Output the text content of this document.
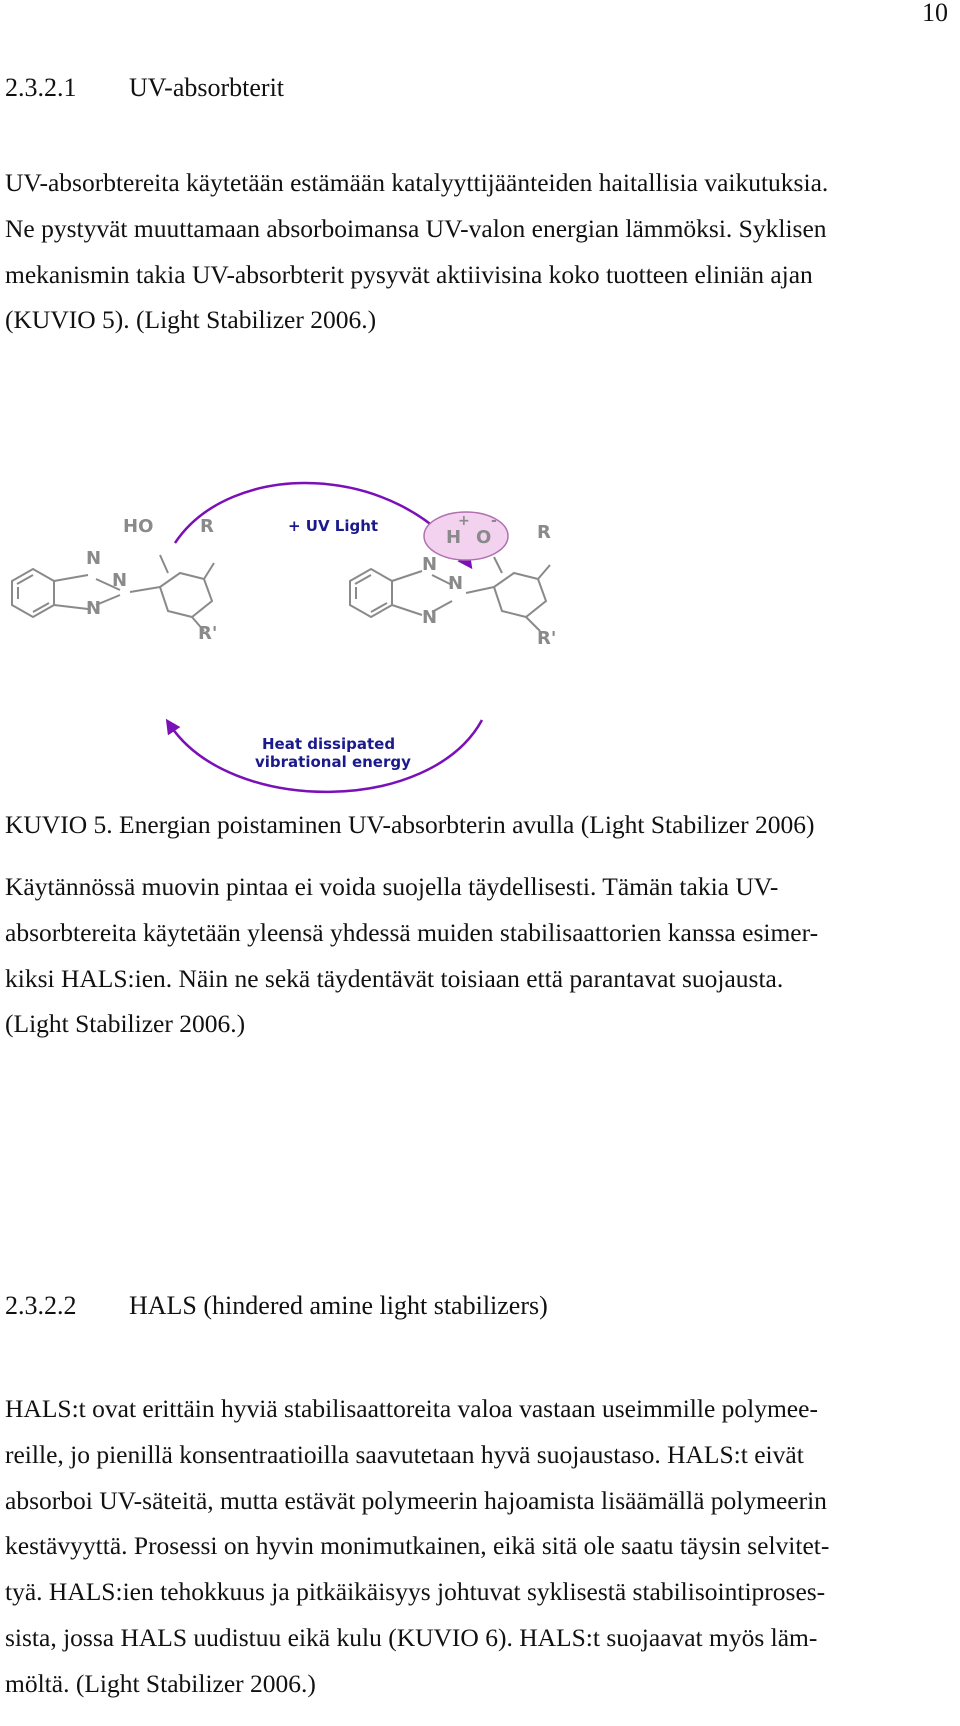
10
2.3.2.1 UV-absorbterit
UV-absorbtereita käytetään estämään katalyyttijäänteiden haitallisia vaikutuksia.
Ne pystyvät muuttamaan absorboimansa UV-valon energian lämmöksi. Syklisen
mekanismin takia UV-absorbterit pysyvät aktiivisina koko tuotteen eliniän ajan
(KUVIO 5). (Light Stabilizer 2006.)
+ UV Light
Heat dissipated
vibrational energy
N
N
N
HO	R
R'
N
N
N
H O	R
R'
+ -
KUVIO 5. Energian poistaminen UV-absorbterin avulla (Light Stabilizer 2006)
Käytännössä muovin pintaa ei voida suojella täydellisesti. Tämän takia UV-
absorbtereita käytetään yleensä yhdessä muiden stabilisaattorien kanssa esimer-
kiksi HALS:ien. Näin ne sekä täydentävät toisiaan että parantavat suojausta.
(Light Stabilizer 2006.)
2.3.2.2 HALS (hindered amine light stabilizers)
HALS:t ovat erittäin hyviä stabilisaattoreita valoa vastaan useimmille polymee-
reille, jo pienillä konsentraatioilla saavutetaan hyvä suojaustaso. HALS:t eivät
absorboi UV-säteitä, mutta estävät polymeerin hajoamista lisäämällä polymeerin
kestävyyttä. Prosessi on hyvin monimutkainen, eikä sitä ole saatu täysin selvitet-
tyä. HALS:ien tehokkuus ja pitkäikäisyys johtuvat syklisestä stabilisointiproses-
sista, jossa HALS uudistuu eikä kulu (KUVIO 6). HALS:t suojaavat myös läm-
möltä. (Light Stabilizer 2006.)
